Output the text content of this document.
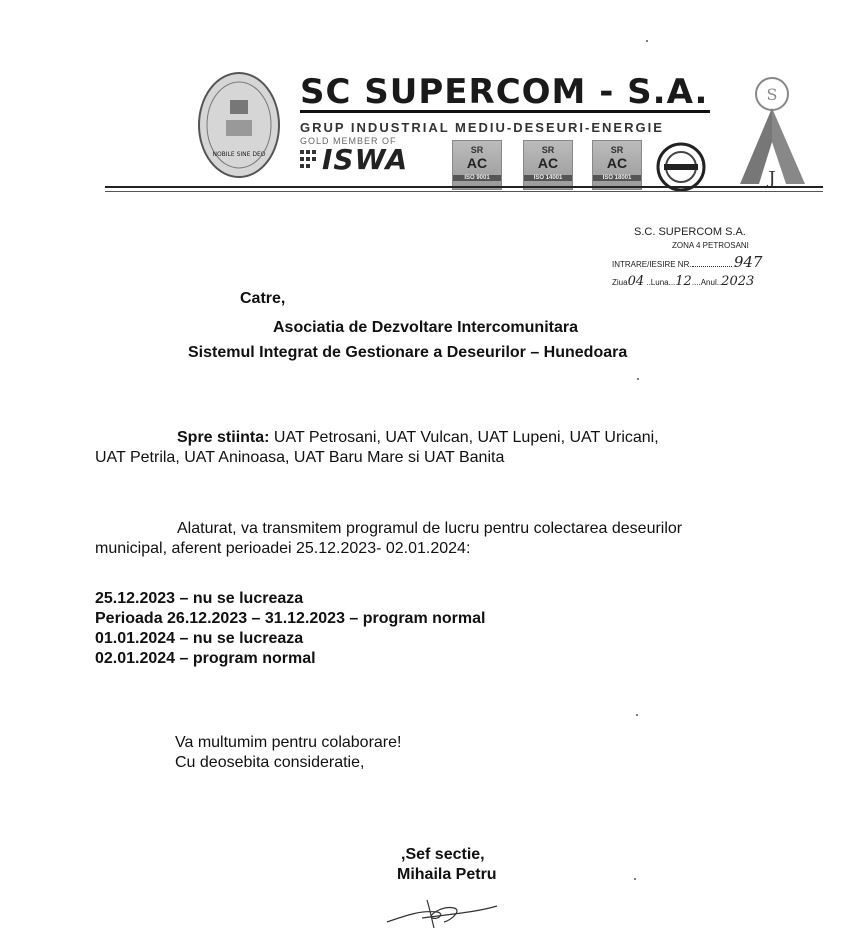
NOBILE SINE DEO
SC SUPERCOM - S.A.
GRUP INDUSTRIAL MEDIU-DESEURI-ENERGIE
GOLD MEMBER OF
ISWA	SR
AC
ISO 9001
SR
AC
ISO 14001
SR
AC
ISO 18001
S
J
S.C. SUPERCOM S.A.
ZONA 4 PETROSANI
INTRARE/IESIRE NR.	947
Ziua04 ..Luna...12....Anul..2023
Catre,
Asociatia de Dezvoltare Intercomunitara
Sistemul Integrat de Gestionare a Deseurilor – Hunedoara
Spre stiinta: UAT Petrosani, UAT Vulcan, UAT Lupeni, UAT Uricani,
UAT Petrila, UAT Aninoasa, UAT Baru Mare si UAT Banita
Alaturat, va transmitem programul de lucru pentru colectarea deseurilor
municipal, aferent perioadei 25.12.2023- 02.01.2024:
25.12.2023 – nu se lucreaza
Perioada 26.12.2023 – 31.12.2023 – program normal
01.01.2024 – nu se lucreaza
02.01.2024 – program normal
Va multumim pentru colaborare!
Cu deosebita consideratie,
,Sef sectie,
Mihaila Petru
